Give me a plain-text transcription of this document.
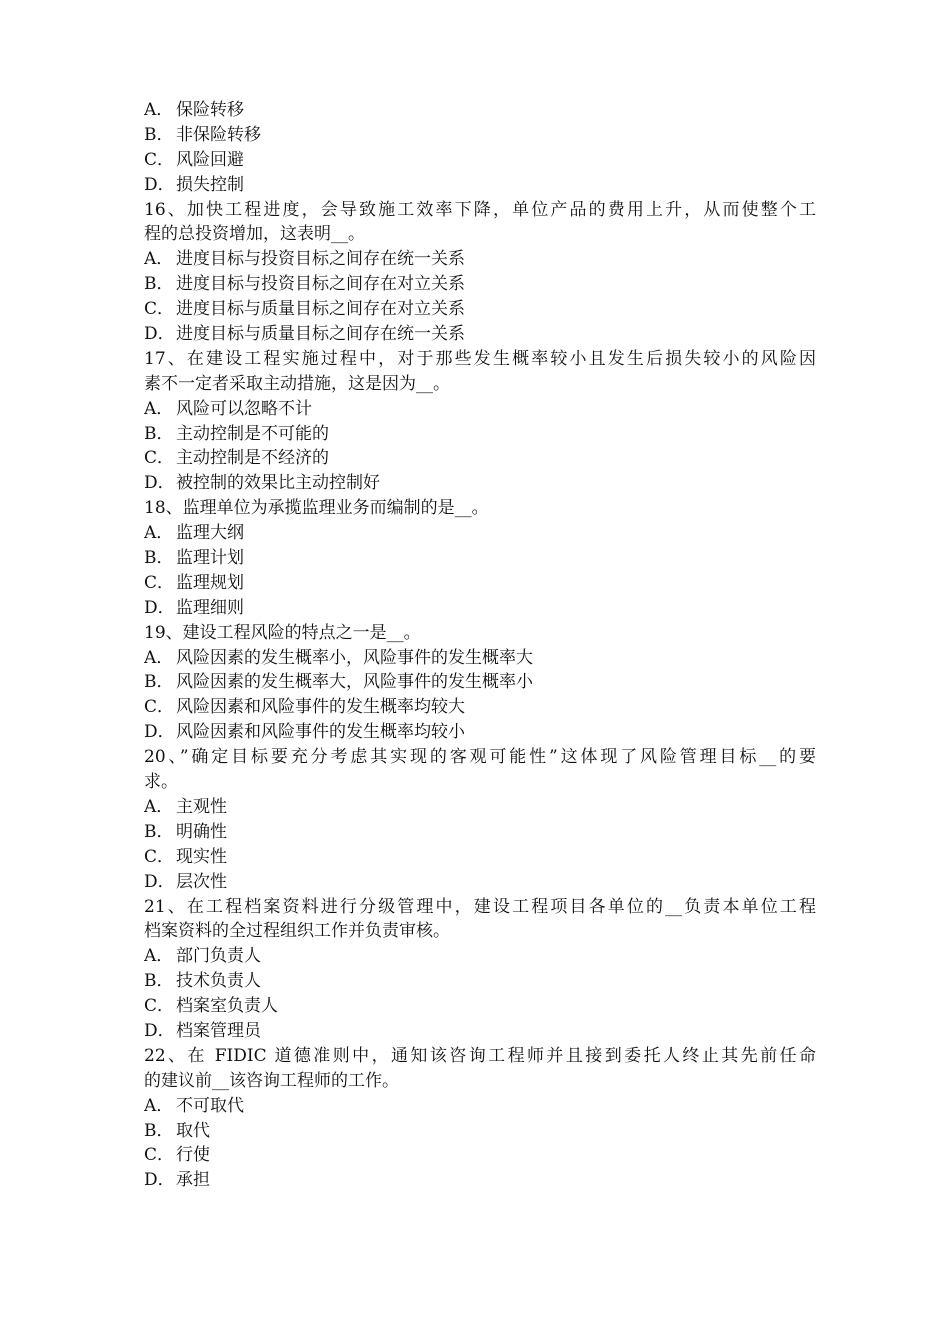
A． 保险转移
B． 非保险转移
C． 风险回避
D．损失控制
16、加快工程进度，会导致施工效率下降，单位产品的费用上升，从而使整个工
程的总投资增加，这表明__。
A． 进度目标与投资目标之间存在统一关系
B． 进度目标与投资目标之间存在对立关系
C． 进度目标与质量目标之间存在对立关系
D．进度目标与质量目标之间存在统一关系
17、在建设工程实施过程中，对于那些发生概率较小且发生后损失较小的风险因
素不一定者采取主动措施，这是因为__。
A． 风险可以忽略不计
B． 主动控制是不可能的
C． 主动控制是不经济的
D．被控制的效果比主动控制好
18、监理单位为承揽监理业务而编制的是__。
A． 监理大纲
B． 监理计划
C． 监理规划
D．监理细则
19、建设工程风险的特点之一是__。
A． 风险因素的发生概率小，风险事件的发生概率大
B． 风险因素的发生概率大，风险事件的发生概率小
C． 风险因素和风险事件的发生概率均较大
D．风险因素和风险事件的发生概率均较小
20、”确定目标要充分考虑其实现的客观可能性”这体现了风险管理目标__的要
求。
A． 主观性
B． 明确性
C． 现实性
D．层次性
21、在工程档案资料进行分级管理中，建设工程项目各单位的__负责本单位工程
档案资料的全过程组织工作并负责审核。
A． 部门负责人
B． 技术负责人
C． 档案室负责人
D．档案管理员
22、在 FIDIC 道德准则中，通知该咨询工程师并且接到委托人终止其先前任命
的建议前__该咨询工程师的工作。
A． 不可取代
B． 取代
C． 行使
D．承担
